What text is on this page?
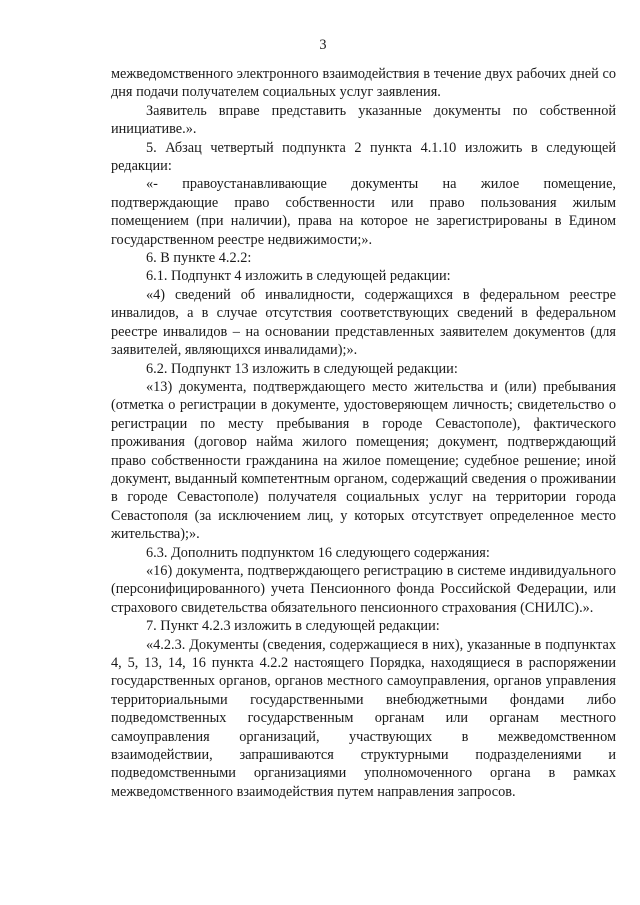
3

межведомственного электронного взаимодействия в течение двух рабочих дней со дня подачи получателем социальных услуг заявления.

Заявитель вправе представить указанные документы по собственной инициативе.».

5. Абзац четвертый подпункта 2 пункта 4.1.10 изложить в следующей редакции:

«- правоустанавливающие документы на жилое помещение, подтверждающие право собственности или право пользования жилым помещением (при наличии), права на которое не зарегистрированы в Едином государственном реестре недвижимости;».

6. В пункте 4.2.2:

6.1. Подпункт 4 изложить в следующей редакции:

«4) сведений об инвалидности, содержащихся в федеральном реестре инвалидов, а в случае отсутствия соответствующих сведений в федеральном реестре инвалидов – на основании представленных заявителем документов (для заявителей, являющихся инвалидами);».

6.2. Подпункт 13 изложить в следующей редакции:

«13) документа, подтверждающего место жительства и (или) пребывания (отметка о регистрации в документе, удостоверяющем личность; свидетельство о регистрации по месту пребывания в городе Севастополе), фактического проживания (договор найма жилого помещения; документ, подтверждающий право собственности гражданина на жилое помещение; судебное решение; иной документ, выданный компетентным органом, содержащий сведения о проживании в городе Севастополе) получателя социальных услуг на территории города Севастополя (за исключением лиц, у которых отсутствует определенное место жительства);».

6.3. Дополнить подпунктом 16 следующего содержания:

«16) документа, подтверждающего регистрацию в системе индивидуального (персонифицированного) учета Пенсионного фонда Российской Федерации, или страхового свидетельства обязательного пенсионного страхования (СНИЛС).».

7. Пункт 4.2.3 изложить в следующей редакции:

«4.2.3. Документы (сведения, содержащиеся в них), указанные в подпунктах 4, 5, 13, 14, 16 пункта 4.2.2 настоящего Порядка, находящиеся в распоряжении государственных органов, органов местного самоуправления, органов управления территориальными государственными внебюджетными фондами либо подведомственных государственным органам или органам местного самоуправления организаций, участвующих в межведомственном взаимодействии, запрашиваются структурными подразделениями и подведомственными организациями уполномоченного органа в рамках межведомственного взаимодействия путем направления запросов.
